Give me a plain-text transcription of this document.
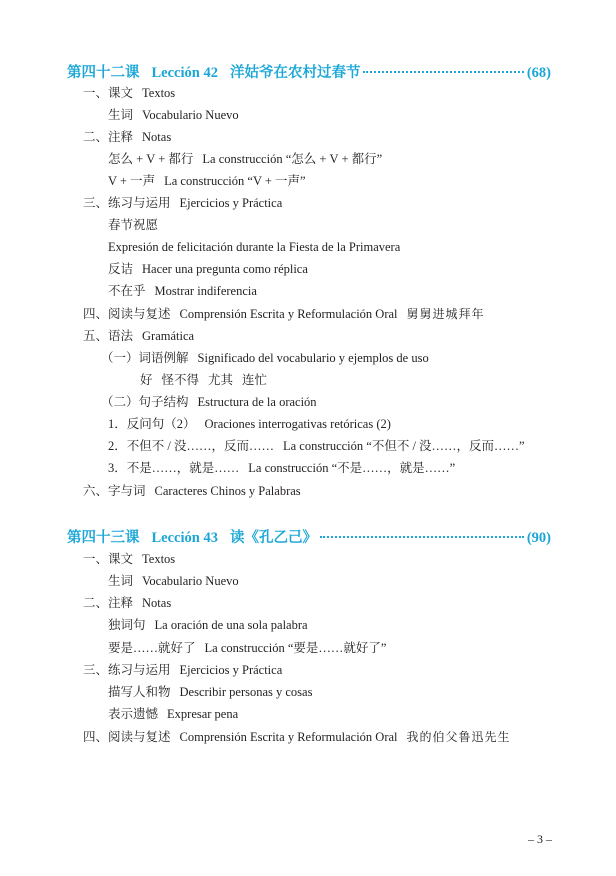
第四十二课 Lección 42 洋姑爷在农村过春节	(68)
一、课文 Textos
生词 Vocabulario Nuevo
二、注释 Notas
怎么 + V + 都行 La construcción “怎么 + V + 都行”
V + 一声 La construcción “V + 一声”
三、练习与运用 Ejercicios y Práctica
春节祝愿
Expresión de felicitación durante la Fiesta de la Primavera
反诘 Hacer una pregunta como réplica
不在乎 Mostrar indiferencia
四、阅读与复述 Comprensión Escrita y Reformulación Oral 舅舅进城拜年
五、语法 Gramática
（一）词语例解 Significado del vocabulario y ejemplos de uso
好 怪不得 尤其 连忙
（二）句子结构 Estructura de la oración
1．反问句（2） Oraciones interrogativas retóricas (2)
2．不但不 / 没……，反而…… La construcción “不但不 / 没……，反而……”
3．不是……，就是…… La construcción “不是……，就是……”
六、字与词 Caracteres Chinos y Palabras
第四十三课 Lección 43 读《孔乙己》	(90)
一、课文 Textos
生词 Vocabulario Nuevo
二、注释 Notas
独词句 La oración de una sola palabra
要是……就好了 La construcción “要是……就好了”
三、练习与运用 Ejercicios y Práctica
描写人和物 Describir personas y cosas
表示遗憾 Expresar pena
四、阅读与复述 Comprensión Escrita y Reformulación Oral 我的伯父鲁迅先生
– 3 –
